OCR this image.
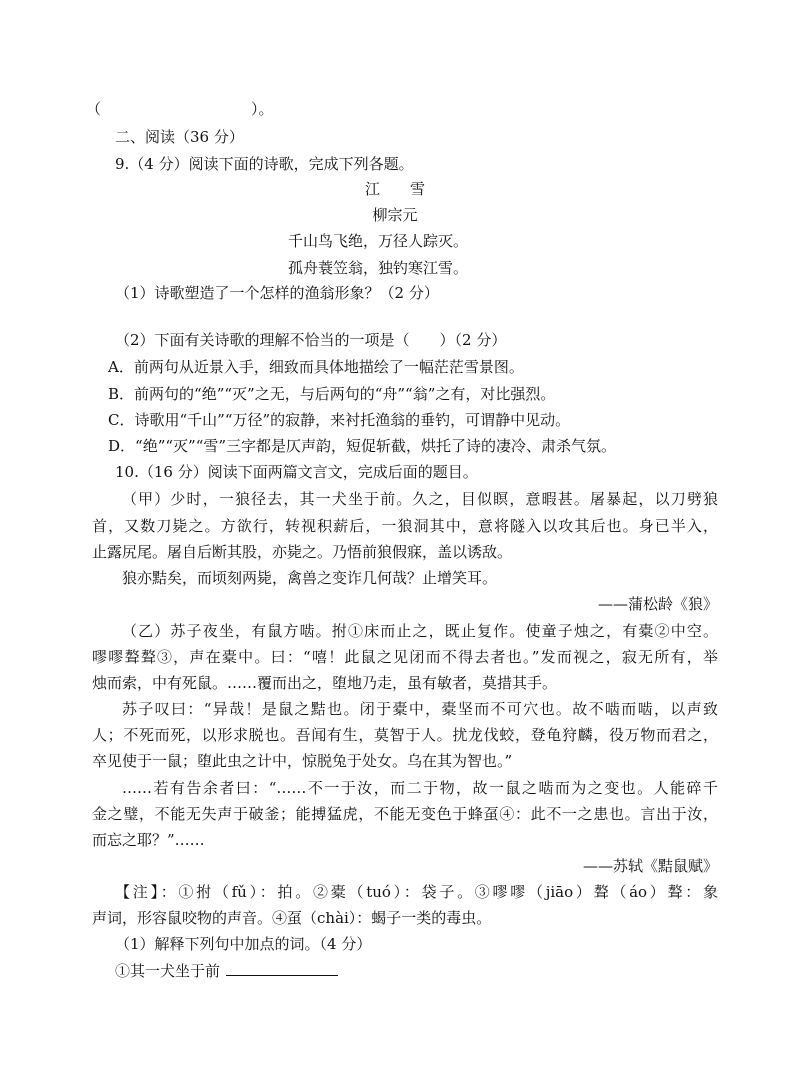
（	）。
二、阅读（36 分）
9.（4 分）阅读下面的诗歌，完成下列各题。
江　　雪
柳宗元
千山鸟飞绝，万径人踪灭。
孤舟蓑笠翁，独钓寒江雪。
（1）诗歌塑造了一个怎样的渔翁形象？（2 分）
（2）下面有关诗歌的理解不恰当的一项是（　　）（2 分）
A．前两句从近景入手，细致而具体地描绘了一幅茫茫雪景图。
B．前两句的“绝”“灭”之无，与后两句的“舟”“翁”之有，对比强烈。
C．诗歌用“千山”“万径”的寂静，来衬托渔翁的垂钓，可谓静中见动。
D．“绝”“灭”“雪”三字都是仄声韵，短促斩截，烘托了诗的凄冷、肃杀气氛。
10.（16 分）阅读下面两篇文言文，完成后面的题目。
（甲）少时，一狼径去，其一犬坐于前。久之，目似瞑，意暇甚。屠暴起，以刀劈狼
首，又数刀毙之。方欲行，转视积薪后，一狼洞其中，意将隧入以攻其后也。身已半入，
止露尻尾。屠自后断其股，亦毙之。乃悟前狼假寐，盖以诱敌。
狼亦黠矣，而顷刻两毙，禽兽之变诈几何哉？止增笑耳。
——蒲松龄《狼》
（乙）苏子夜坐，有鼠方啮。拊①床而止之，既止复作。使童子烛之，有橐②中空。
嘐嘐聱聱③，声在橐中。曰：“嘻！此鼠之见闭而不得去者也。”发而视之，寂无所有，举
烛而索，中有死鼠。……覆而出之，堕地乃走，虽有敏者，莫措其手。
苏子叹曰：“异哉！是鼠之黠也。闭于橐中，橐坚而不可穴也。故不啮而啮，以声致
人；不死而死，以形求脱也。吾闻有生，莫智于人。扰龙伐蛟，登龟狩麟，役万物而君之，
卒见使于一鼠；堕此虫之计中，惊脱兔于处女。乌在其为智也。”
……若有告余者曰：“……不一于汝，而二于物，故一鼠之啮而为之变也。人能碎千
金之璧，不能无失声于破釜；能搏猛虎，不能无变色于蜂虿④：此不一之患也。言出于汝，
而忘之耶？”……
——苏轼《黠鼠赋》
【注】：①拊（fǔ）：拍。②橐（tuó）：袋子。③嘐嘐（jiāo）聱（áo）聱：象
声词，形容鼠咬物的声音。④虿（chài）：蝎子一类的毒虫。
（1）解释下列句中加点的词。（4 分）
①其一犬坐于前
